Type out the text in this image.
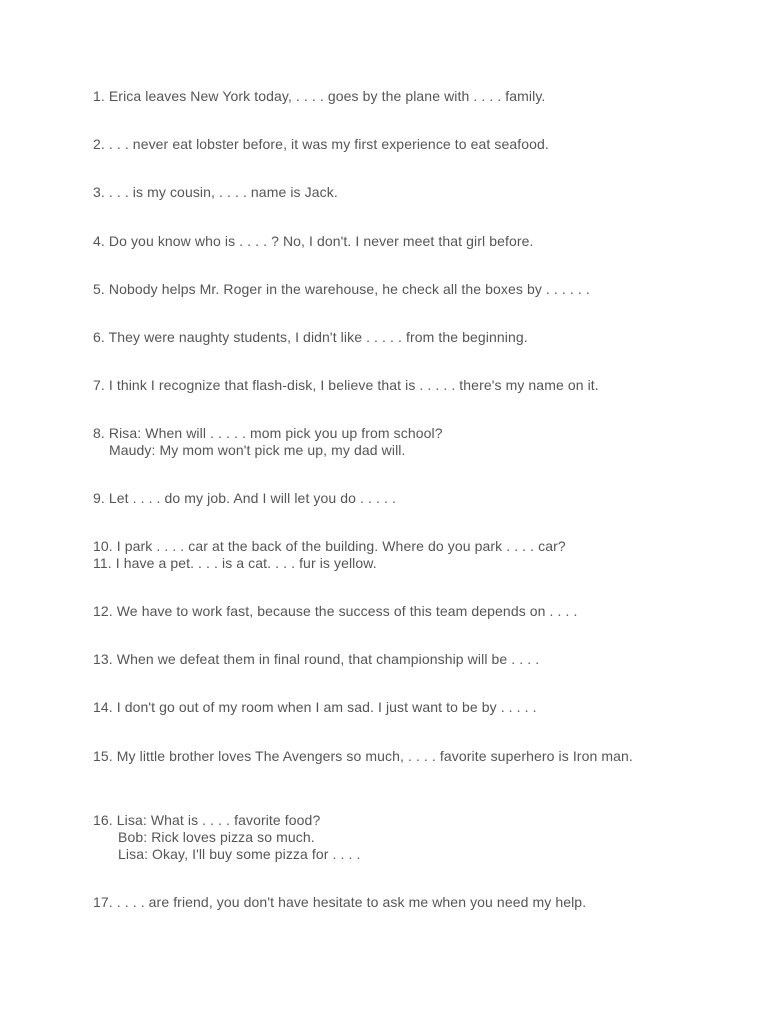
1. Erica leaves New York today, . . . . goes by the plane with . . . . family.
2. . . . never eat lobster before, it was my first experience to eat seafood.
3. . . . is my cousin, . . . . name is Jack.
4. Do you know who is . . . . ? No, I don't. I never meet that girl before.
5. Nobody helps Mr. Roger in the warehouse, he check all the boxes by . . . . . .
6. They were naughty students, I didn't like . . . . . from the beginning.
7. I think I recognize that flash-disk, I believe that is . . . . . there's my name on it.
8. Risa: When will . . . . . mom pick you up from school?
Maudy: My mom won't pick me up, my dad will.
9. Let . . . . do my job. And I will let you do . . . . .
10. I park . . . . car at the back of the building. Where do you park . . . . car?
11. I have a pet. . . . is a cat. . . . fur is yellow.
12. We have to work fast, because the success of this team depends on . . . .
13. When we defeat them in final round, that championship will be . . . .
14. I don't go out of my room when I am sad. I just want to be by . . . . .
15. My little brother loves The Avengers so much, . . . . favorite superhero is Iron man.
16. Lisa: What is . . . . favorite food?
Bob: Rick loves pizza so much.
Lisa: Okay, I'll buy some pizza for . . . .
17. . . . . are friend, you don't have hesitate to ask me when you need my help.
